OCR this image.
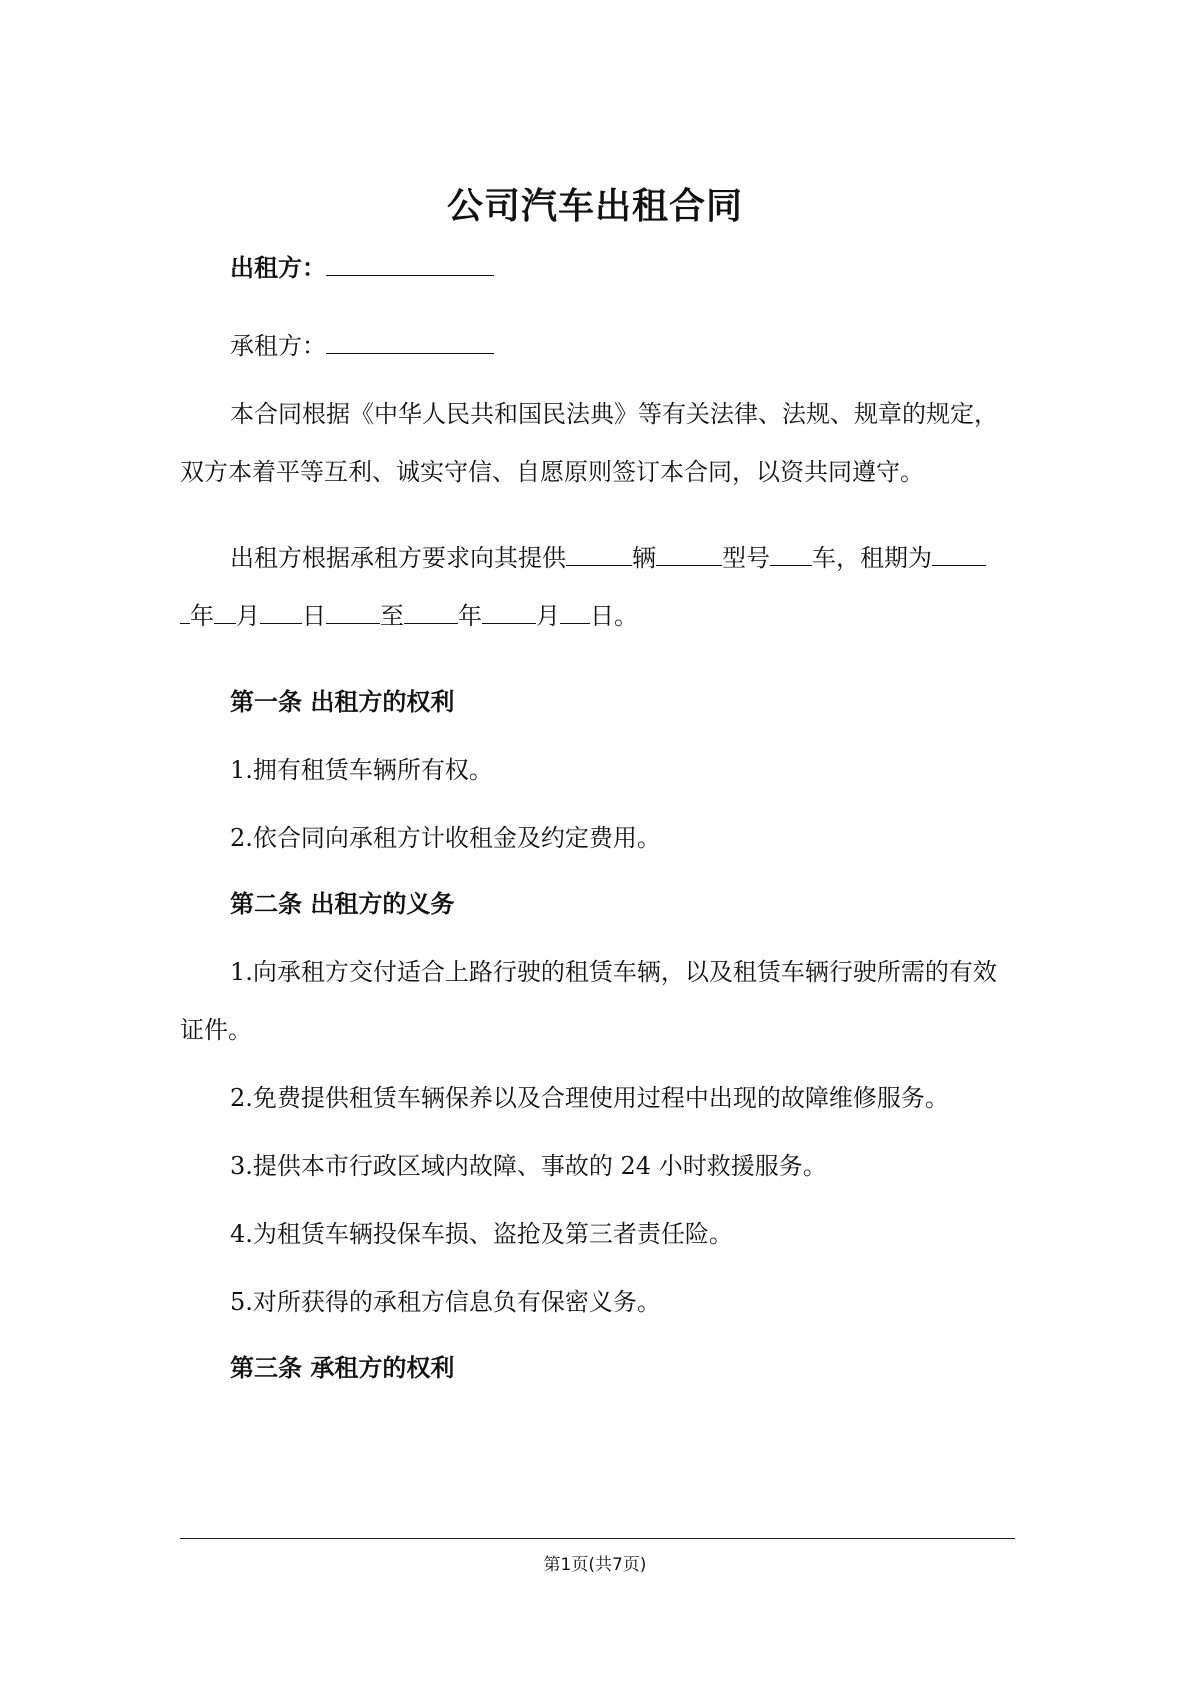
公司汽车出租合同
出租方：
承租方：
本合同根据《中华人民共和国民法典》等有关法律、法规、规章的规定，
双方本着平等互利、诚实守信、自愿原则签订本合同，以资共同遵守。
出租方根据承租方要求向其提供	辆	型号 车，租期为
年 月 日 至 年 月 日。
第一条 出租方的权利
1.拥有租赁车辆所有权。
2.依合同向承租方计收租金及约定费用。
第二条 出租方的义务
1.向承租方交付适合上路行驶的租赁车辆，以及租赁车辆行驶所需的有效
证件。
2.免费提供租赁车辆保养以及合理使用过程中出现的故障维修服务。
3.提供本市行政区域内故障、事故的 24 小时救援服务。
4.为租赁车辆投保车损、盗抢及第三者责任险。
5.对所获得的承租方信息负有保密义务。
第三条 承租方的权利
第1页(共7页)
